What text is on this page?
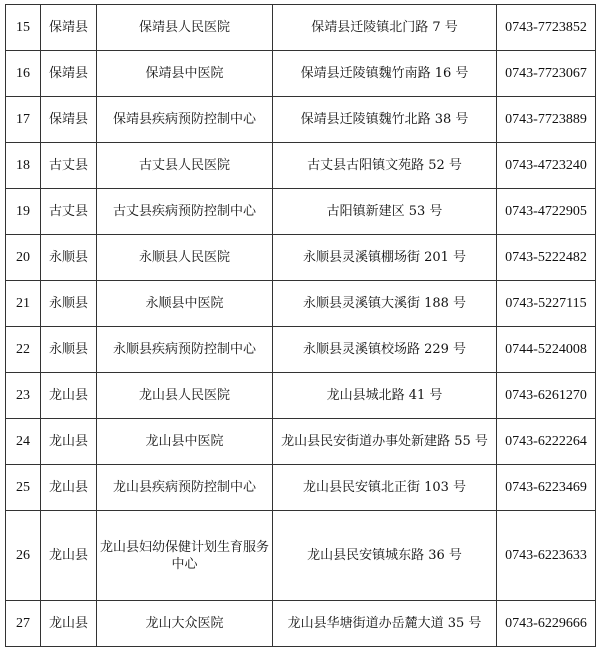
15	保靖县	保靖县人民医院	保靖县迁陵镇北门路 7 号	0743-7723852
16	保靖县	保靖县中医院	保靖县迁陵镇魏竹南路 16 号	0743-7723067
17	保靖县	保靖县疾病预防控制中心	保靖县迁陵镇魏竹北路 38 号	0743-7723889
18	古丈县	古丈县人民医院	古丈县古阳镇文苑路 52 号	0743-4723240
19	古丈县	古丈县疾病预防控制中心	古阳镇新建区 53 号	0743-4722905
20	永顺县	永顺县人民医院	永顺县灵溪镇棚场街 201 号	0743-5222482
21	永顺县	永顺县中医院	永顺县灵溪镇大溪街 188 号	0743-5227115
22	永顺县	永顺县疾病预防控制中心	永顺县灵溪镇校场路 229 号	0744-5224008
23	龙山县	龙山县人民医院	龙山县城北路 41 号	0743-6261270
24	龙山县	龙山县中医院	龙山县民安街道办事处新建路 55 号	0743-6222264
25	龙山县	龙山县疾病预防控制中心	龙山县民安镇北正街 103 号	0743-6223469
26	龙山县	龙山县妇幼保健计划生育服务中心	龙山县民安镇城东路 36 号	0743-6223633
27	龙山县	龙山大众医院	龙山县华塘街道办岳麓大道 35 号	0743-6229666
